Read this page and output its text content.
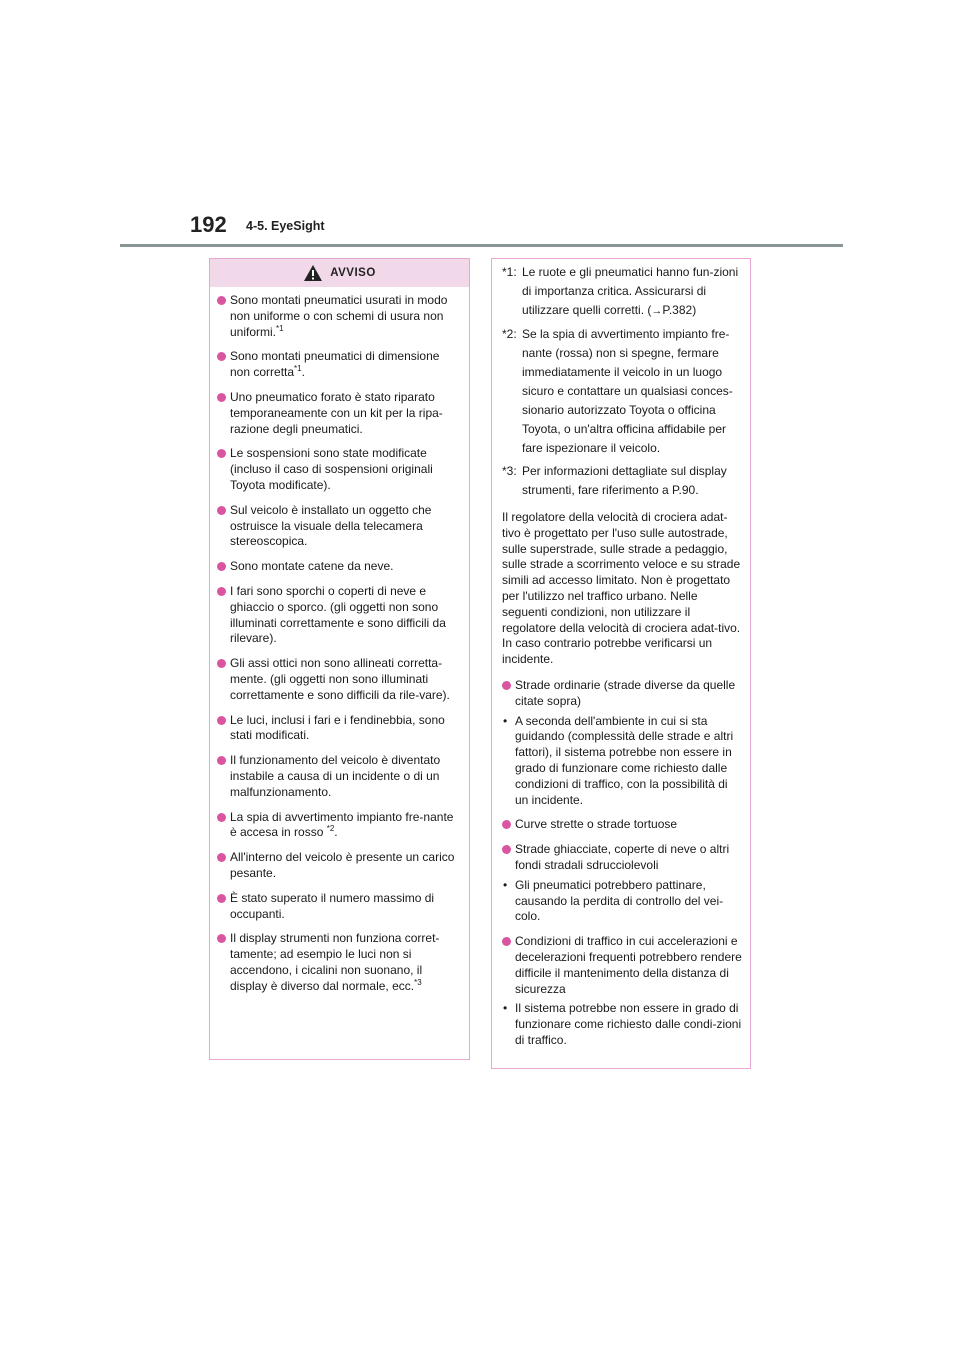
192 4-5. EyeSight
AVVISO
Sono montati pneumatici usurati in modo non uniforme o con schemi di usura non uniformi.$^{*1}$
Sono montati pneumatici di dimensione non corretta$^{*1}$.
Uno pneumatico forato è stato riparato temporaneamente con un kit per la ripa-razione degli pneumatici.
Le sospensioni sono state modificate (incluso il caso di sospensioni originali Toyota modificate).
Sul veicolo è installato un oggetto che ostruisce la visuale della telecamera stereoscopica.
Sono montate catene da neve.
I fari sono sporchi o coperti di neve e ghiaccio o sporco. (gli oggetti non sono illuminati correttamente e sono difficili da rilevare).
Gli assi ottici non sono allineati corretta-mente. (gli oggetti non sono illuminati correttamente e sono difficili da rile-vare).
Le luci, inclusi i fari e i fendinebbia, sono stati modificati.
Il funzionamento del veicolo è diventato instabile a causa di un incidente o di un malfunzionamento.
La spia di avvertimento impianto fre-nante è accesa in rosso $^{*2}$.
All'interno del veicolo è presente un carico pesante.
È stato superato il numero massimo di occupanti.
Il display strumenti non funziona corret-tamente; ad esempio le luci non si accendono, i cicalini non suonano, il display è diverso dal normale, ecc.$^{*3}$
*1: Le ruote e gli pneumatici hanno fun-zioni di importanza critica. Assicurarsi di utilizzare quelli corretti. (→P.382)
*2: Se la spia di avvertimento impianto fre-nante (rossa) non si spegne, fermare immediatamente il veicolo in un luogo sicuro e contattare un qualsiasi conces-sionario autorizzato Toyota o officina Toyota, o un'altra officina affidabile per fare ispezionare il veicolo.
*3: Per informazioni dettagliate sul display strumenti, fare riferimento a P.90.
Il regolatore della velocità di crociera adat-tivo è progettato per l'uso sulle autostrade, sulle superstrade, sulle strade a pedaggio, sulle strade a scorrimento veloce e su strade simili ad accesso limitato. Non è progettato per l'utilizzo nel traffico urbano. Nelle seguenti condizioni, non utilizzare il regolatore della velocità di crociera adat-tivo. In caso contrario potrebbe verificarsi un incidente.
Strade ordinarie (strade diverse da quelle citate sopra)
• A seconda dell'ambiente in cui si sta guidando (complessità delle strade e altri fattori), il sistema potrebbe non essere in grado di funzionare come richiesto dalle condizioni di traffico, con la possibilità di un incidente.
Curve strette o strade tortuose
Strade ghiacciate, coperte di neve o altri fondi stradali sdrucciolevoli
• Gli pneumatici potrebbero pattinare, causando la perdita di controllo del vei-colo.
Condizioni di traffico in cui accelerazioni e decelerazioni frequenti potrebbero rendere difficile il mantenimento della distanza di sicurezza
• Il sistema potrebbe non essere in grado di funzionare come richiesto dalle condi-zioni di traffico.
